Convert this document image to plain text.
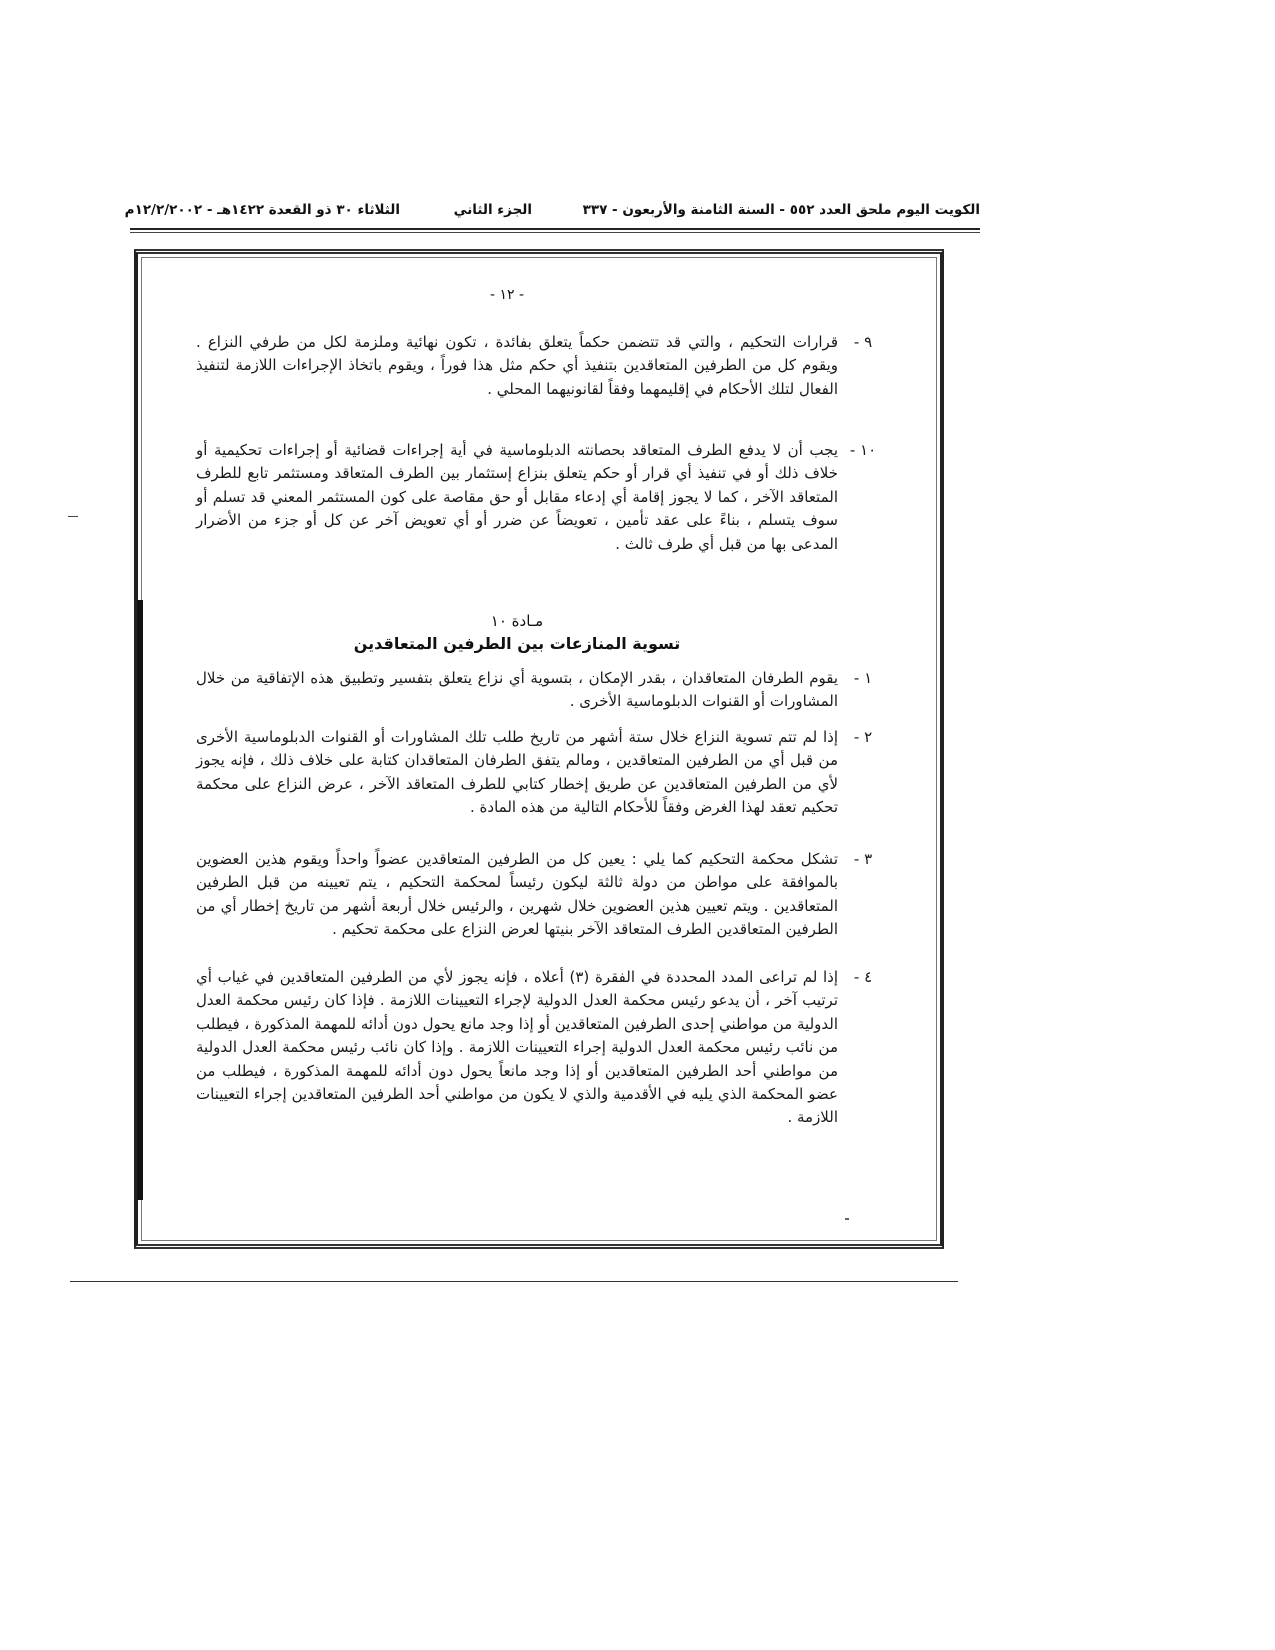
الكويت اليوم ملحق العدد ٥٥٢ - السنة الثامنة والأربعون - ٣٣٧
الجزء الثاني
الثلاثاء ٣٠ ذو القعدة ١٤٢٢هـ - ١٢/٢/٢٠٠٢م
- ١٢ -
٩ -
قرارات التحكيم ، والتي قد تتضمن حكماً يتعلق بفائدة ، تكون نهائية وملزمة لكل من طرفي النزاع . ويقوم كل من الطرفين المتعاقدين بتنفيذ أي حكم مثل هذا فوراً ، ويقوم باتخاذ الإجراءات اللازمة لتنفيذ الفعال لتلك الأحكام في إقليمهما وفقاً لقانونيهما المحلي .
١٠ -
يجب أن لا يدفع الطرف المتعاقد بحصانته الدبلوماسية في أية إجراءات قضائية أو إجراءات تحكيمية أو خلاف ذلك أو في تنفيذ أي قرار أو حكم يتعلق بنزاع إستثمار بين الطرف المتعاقد ومستثمر تابع للطرف المتعاقد الآخر ، كما لا يجوز إقامة أي إدعاء مقابل أو حق مقاصة على كون المستثمر المعني قد تسلم أو سوف يتسلم ، بناءً على عقد تأمين ، تعويضاً عن ضرر أو أي تعويض آخر عن كل أو جزء من الأضرار المدعى بها من قبل أي طرف ثالث .
مـادة ١٠
تسوية المنازعات بين الطرفين المتعاقدين
١ -
يقوم الطرفان المتعاقدان ، بقدر الإمكان ، بتسوية أي نزاع يتعلق بتفسير وتطبيق هذه الإتفاقية من خلال المشاورات أو القنوات الدبلوماسية الأخرى .
٢ -
إذا لم تتم تسوية النزاع خلال ستة أشهر من تاريخ طلب تلك المشاورات أو القنوات الدبلوماسية الأخرى من قبل أي من الطرفين المتعاقدين ، ومالم يتفق الطرفان المتعاقدان كتابة على خلاف ذلك ، فإنه يجوز لأي من الطرفين المتعاقدين عن طريق إخطار كتابي للطرف المتعاقد الآخر ، عرض النزاع على محكمة تحكيم تعقد لهذا الغرض وفقاً للأحكام التالية من هذه المادة .
٣ -
تشكل محكمة التحكيم كما يلي : يعين كل من الطرفين المتعاقدين عضواً واحداً ويقوم هذين العضوين بالموافقة على مواطن من دولة ثالثة ليكون رئيساً لمحكمة التحكيم ، يتم تعيينه من قبل الطرفين المتعاقدين . ويتم تعيين هذين العضوين خلال شهرين ، والرئيس خلال أربعة أشهر من تاريخ إخطار أي من الطرفين المتعاقدين الطرف المتعاقد الآخر بنيتها لعرض النزاع على محكمة تحكيم .
٤ -
إذا لم تراعى المدد المحددة في الفقرة (٣) أعلاه ، فإنه يجوز لأي من الطرفين المتعاقدين في غياب أي ترتيب آخر ، أن يدعو رئيس محكمة العدل الدولية لإجراء التعيينات اللازمة . فإذا كان رئيس محكمة العدل الدولية من مواطني إحدى الطرفين المتعاقدين أو إذا وجد مانع يحول دون أدائه للمهمة المذكورة ، فيطلب من نائب رئيس محكمة العدل الدولية إجراء التعيينات اللازمة . وإذا كان نائب رئيس محكمة العدل الدولية من مواطني أحد الطرفين المتعاقدين أو إذا وجد مانعاً يحول دون أدائه للمهمة المذكورة ، فيطلب من عضو المحكمة الذي يليه في الأقدمية والذي لا يكون من مواطني أحد الطرفين المتعاقدين إجراء التعيينات اللازمة .
